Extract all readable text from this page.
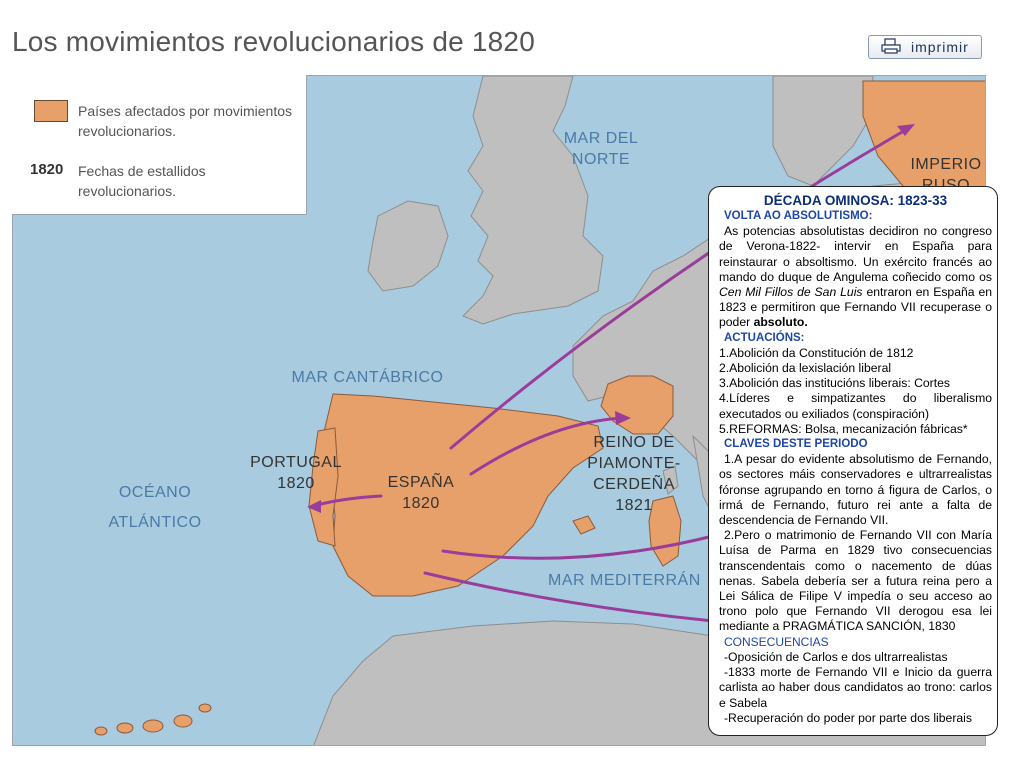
Los movimientos revolucionarios de 1820	imprimir
MAR DEL NORTE	IMPERIO
MAR CANTÁBRICO
OCÉANO ATLÁNTICO
MAR MEDITERRÁN
PORTUGAL
1820	ESPAÑA
1820
REINO DE PIAMONTE-CERDEÑA
1821
Países afectados por movimientos revolucionarios.
1820 Fechas de estallidos revolucionarios.
DÉCADA OMINOSA: 1823-33
VOLTA AO ABSOLUTISMO:
As potencias absolutistas decidiron no congreso de Verona-1822- intervir en España para reinstaurar o absoltismo. Un exército francés ao mando do duque de Angulema coñecido como os Cen Mil Fillos de San Luis entraron en España en 1823 e permitiron que Fernando VII recuperase o poder absoluto.
ACTUACIÓNS:
1.Abolición da Constitución de 1812
2.Abolición da lexislación liberal
3.Abolición das institucións liberais: Cortes
4.Líderes e simpatizantes do liberalismo executados ou exiliados (conspiración)
5.REFORMAS: Bolsa, mecanización fábricas*
CLAVES DESTE PERIODO
1.A pesar do evidente absolutismo de Fernando, os sectores máis conservadores e ultrarrealistas fóronse agrupando en torno á figura de Carlos, o irmá de Fernando, futuro rei ante a falta de descendencia de Fernando VII.
2.Pero o matrimonio de Fernando VII con María Luísa de Parma en 1829 tivo consecuencias transcendentais como o nacemento de dúas nenas. Sabela debería ser a futura reina pero a Lei Sálica de Filipe V impedía o seu acceso ao trono polo que Fernando VII derogou esa lei mediante a PRAGMÁTICA SANCIÓN, 1830
CONSECUENCIAS
-Oposición de Carlos e dos ultrarrealistas
-1833 morte de Fernando VII e Inicio da guerra carlista ao haber dous candidatos ao trono: carlos e Sabela
-Recuperación do poder por parte dos liberais
